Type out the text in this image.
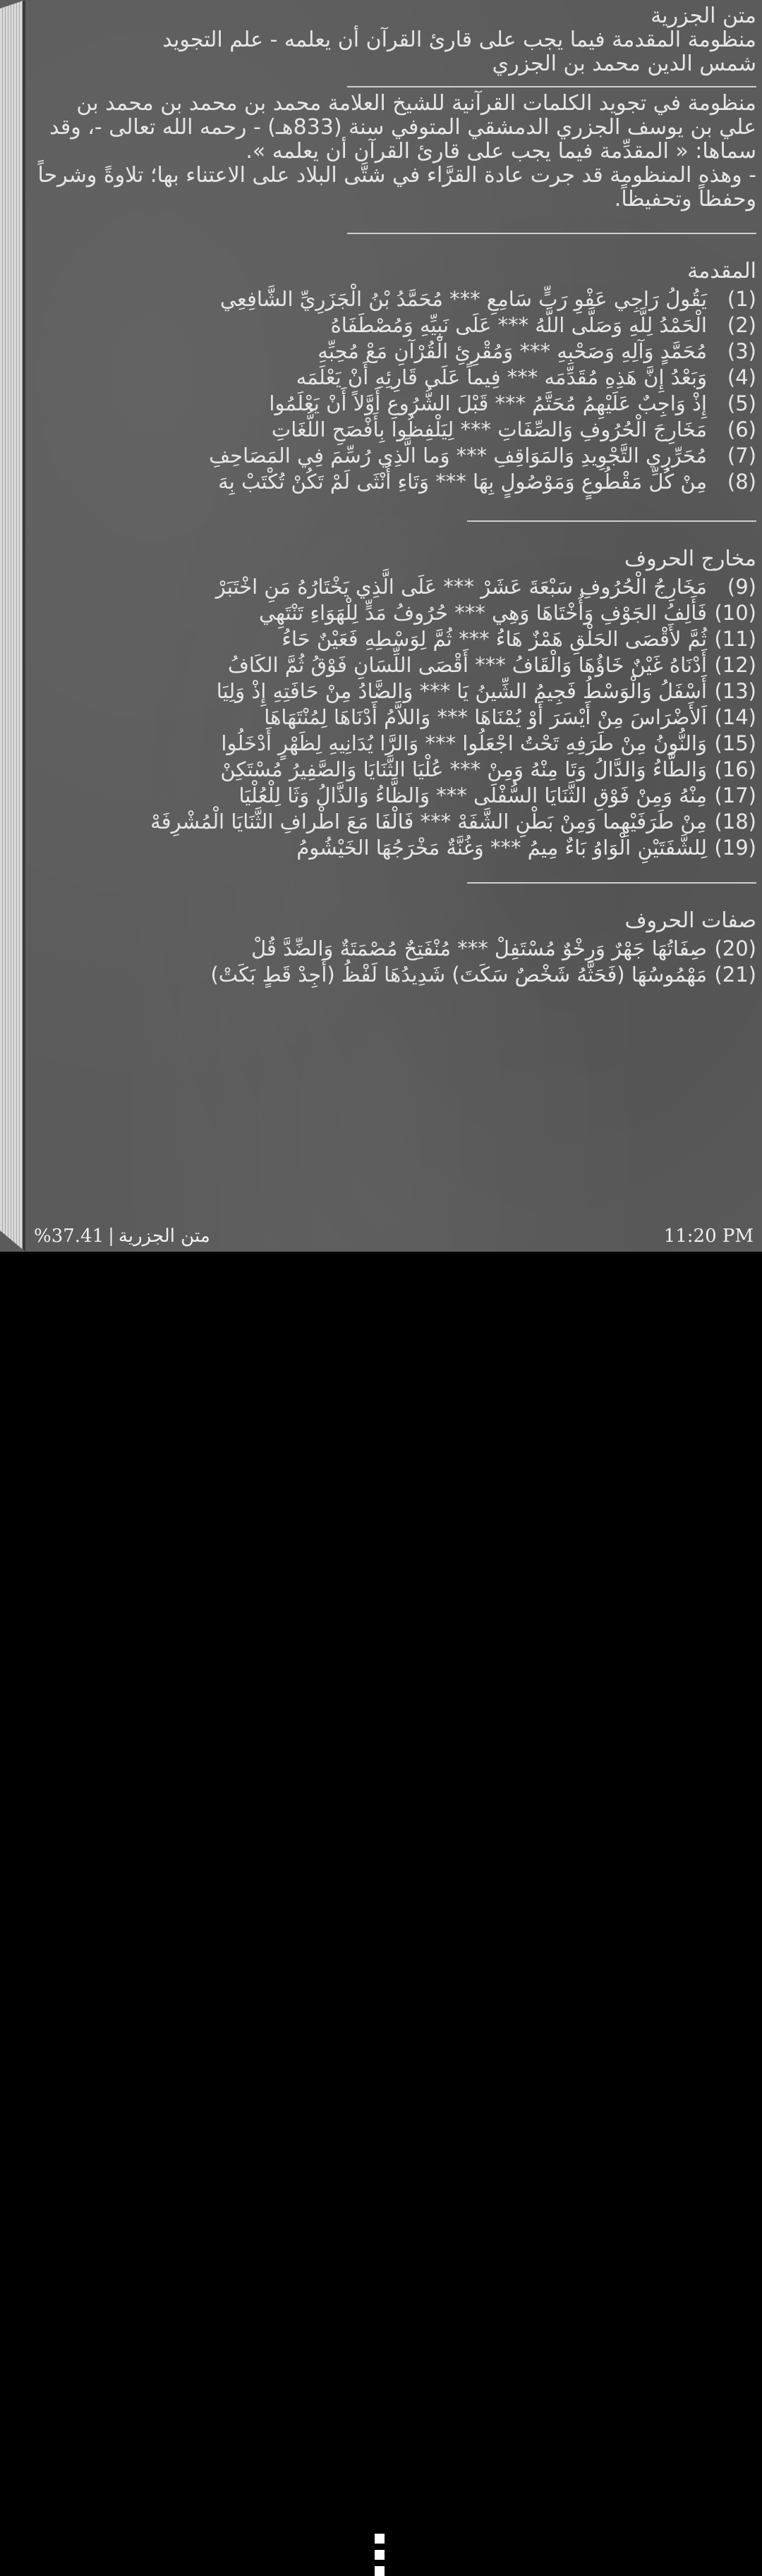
متن الجزرية
منظومة المقدمة فيما يجب على قارئ القرآن أن يعلمه - علم التجويد
شمس الدين محمد بن الجزري
منظومة في تجويد الكلمات القرآنية للشيخ العلامة محمد بن محمد بن محمد بن علي بن يوسف الجزري الدمشقي المتوفي سنة (833هـ) - رحمه الله تعالى -، وقد سماها: « المقدِّمة فيما يجب على قارئ القرآن أن يعلمه ».
- وهذه المنظومة قد جرت عادة القرَّاء في شتَّى البلاد على الاعتناء بها؛ تلاوةً وشرحاً وحفظاً وتحفيظاً.
المقدمة
(1)
يَقُولُ رَاجِي عَفْوِ رَبٍّ سَامِعِ *** مُحَمَّدُ بْنُ الْجَزَرِيِّ الشَّافِعِي
(2)
الْحَمْدُ لِلَّهِ وَصَلَّى اللَّهُ *** عَلَى نَبِيِّهِ وَمُصْطَفَاهُ
(3)
مُحَمَّدٍ وَآلِهِ وَصَحْبِهِ *** وَمُقْرِئِ الْقُرْآنِ مَعْ مُحِبِّهِ
(4)
وَبَعْدُ إِنَّ هَذِهِ مُقَدِّمَه *** فِيماً عَلَى قَارِئِهِ أَنْ يَعْلَمَه
(5)
إِذْ وَاجِبٌ عَلَيْهِمُ مُحَتَّمُ *** قَبْلَ الشُّرُوعِ أَوَّلاً أَنْ يَعْلَمُوا
(6)
مَخَارِجَ الْحُرُوفِ وَالصِّفَاتِ *** لِيَلْفِظُوا بِأَفْصَحِ اللُّغَاتِ
(7)
مُحَرِّرِي التَّجْوِيدِ وَالمَوَاقِفِ *** وَما الَّذِي رُسِّمَ فِي المَصَاحِفِ
(8)
مِنْ كُلِّ مَقْطُوعٍ وَمَوْصُولٍ بِهَا *** وَتَاءِ أُنْثَى لَمْ تَكُنْ تُكْتَبْ بِهَ
مخارج الحروف
(9)
مَخَارِجُ الْحُرُوفِ سَبْعَةَ عَشَرْ *** عَلَى الَّذِي يَخْتَارُهُ مَنِ اخْتَبَرْ
(10)
فَأَلِفُ الجَوْفِ وَأُخْتَاهَا وَهِي *** حُرُوفُ مَدٍّ لِلْهَوَاءِ تَنْتَهِي
(11)
ثُمَّ لأَقْصَى الحَلْقِ هَمْزٌ هَاءُ *** ثُمَّ لِوَسْطِهِ فَعَيْنٌ حَاءُ
(12)
أَدْنَاهُ غَيْنٌ خَاؤُهَا وَالْقَافُ *** أَقْصَى اللِّسَانِ فَوْقُ ثُمَّ الكَافُ
(13)
أَسْفَلُ وَالْوَسْطُ فَجِيمُ الشِّينُ يَا *** وَالضَّادُ مِنْ حَافَتِهِ إِذْ وَلِيَا
(14)
اَلأَضْرَاسَ مِنْ أَيْسَرَ أَوْ يُمْنَاهَا *** وَاللاَّمُ أَدْنَاهَا لِمُنْتَهَاهَا
(15)
وَالنُّونُ مِنْ طَرَفِهِ تَحْتُ اجْعَلُوا *** وَالرَّا يُدَانِيهِ لِظَهْرٍ أَدْخَلُوا
(16)
وَالطَّاءُ وَالدَّالُ وَتَا مِنْهُ وَمِنْ *** عُلْيَا الثَّنَايَا وَالصَّفِيرُ مُسْتَكِنْ
(17)
مِنْهُ وَمِنْ فَوْقِ الثَّنَايَا السُّفْلَى *** وَالظَّاءُ وَالذَّالُ وَثَا لِلْعُلْيَا
(18)
مِنْ طَرَفَيْهِما وَمِنْ بَطْنِ الشَّفَهْ *** فَالْفَا مَعَ اطْرافِ الثَّنَايَا الْمُشْرِفَهْ
(19)
لِلشَّفَتَيْنِ الْوَاوُ بَاءٌ مِيمُ *** وَغُنَّةٌ مَخْرَجُهَا الخَيْشُومُ
صفات الحروف
(20)
صِفَاتُهَا جَهْرٌ وَرِخْوٌ مُسْتَفِلْ *** مُنْفَتِحٌ مُصْمَتَةٌ وَالضِّدَّ قُلْ
(21)
مَهْمُوسُهَا (فَحَثَّهُ شَخْصٌ سَكَتَ) شَدِيدُهَا لَفْظُ (أَجِدْ قَطٍ بَكَتْ)
%37.41 | متن الجزرية	11:20 PM
